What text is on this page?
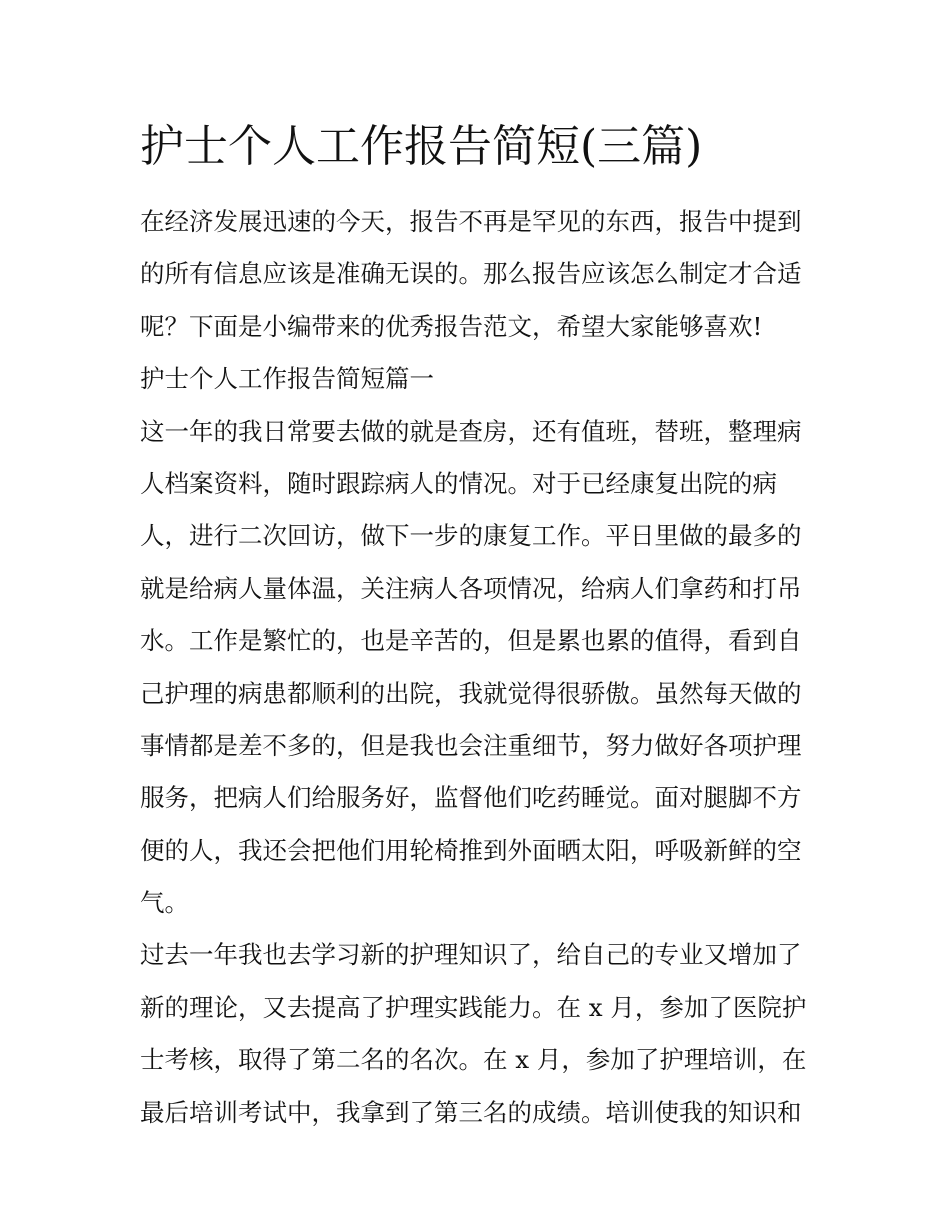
护士个人工作报告简短(三篇)
在经济发展迅速的今天，报告不再是罕见的东西，报告中提到
的所有信息应该是准确无误的。那么报告应该怎么制定才合适
呢？下面是小编带来的优秀报告范文，希望大家能够喜欢!
护士个人工作报告简短篇一
这一年的我日常要去做的就是查房，还有值班，替班，整理病
人档案资料，随时跟踪病人的情况。对于已经康复出院的病
人，进行二次回访，做下一步的康复工作。平日里做的最多的
就是给病人量体温，关注病人各项情况，给病人们拿药和打吊
水。工作是繁忙的，也是辛苦的，但是累也累的值得，看到自
己护理的病患都顺利的出院，我就觉得很骄傲。虽然每天做的
事情都是差不多的，但是我也会注重细节，努力做好各项护理
服务，把病人们给服务好，监督他们吃药睡觉。面对腿脚不方
便的人，我还会把他们用轮椅推到外面晒太阳，呼吸新鲜的空
气。
过去一年我也去学习新的护理知识了，给自己的专业又增加了
新的理论，又去提高了护理实践能力。在 x 月，参加了医院护
士考核，取得了第二名的名次。在 x 月，参加了护理培训，在
最后培训考试中，我拿到了第三名的成绩。培训使我的知识和
